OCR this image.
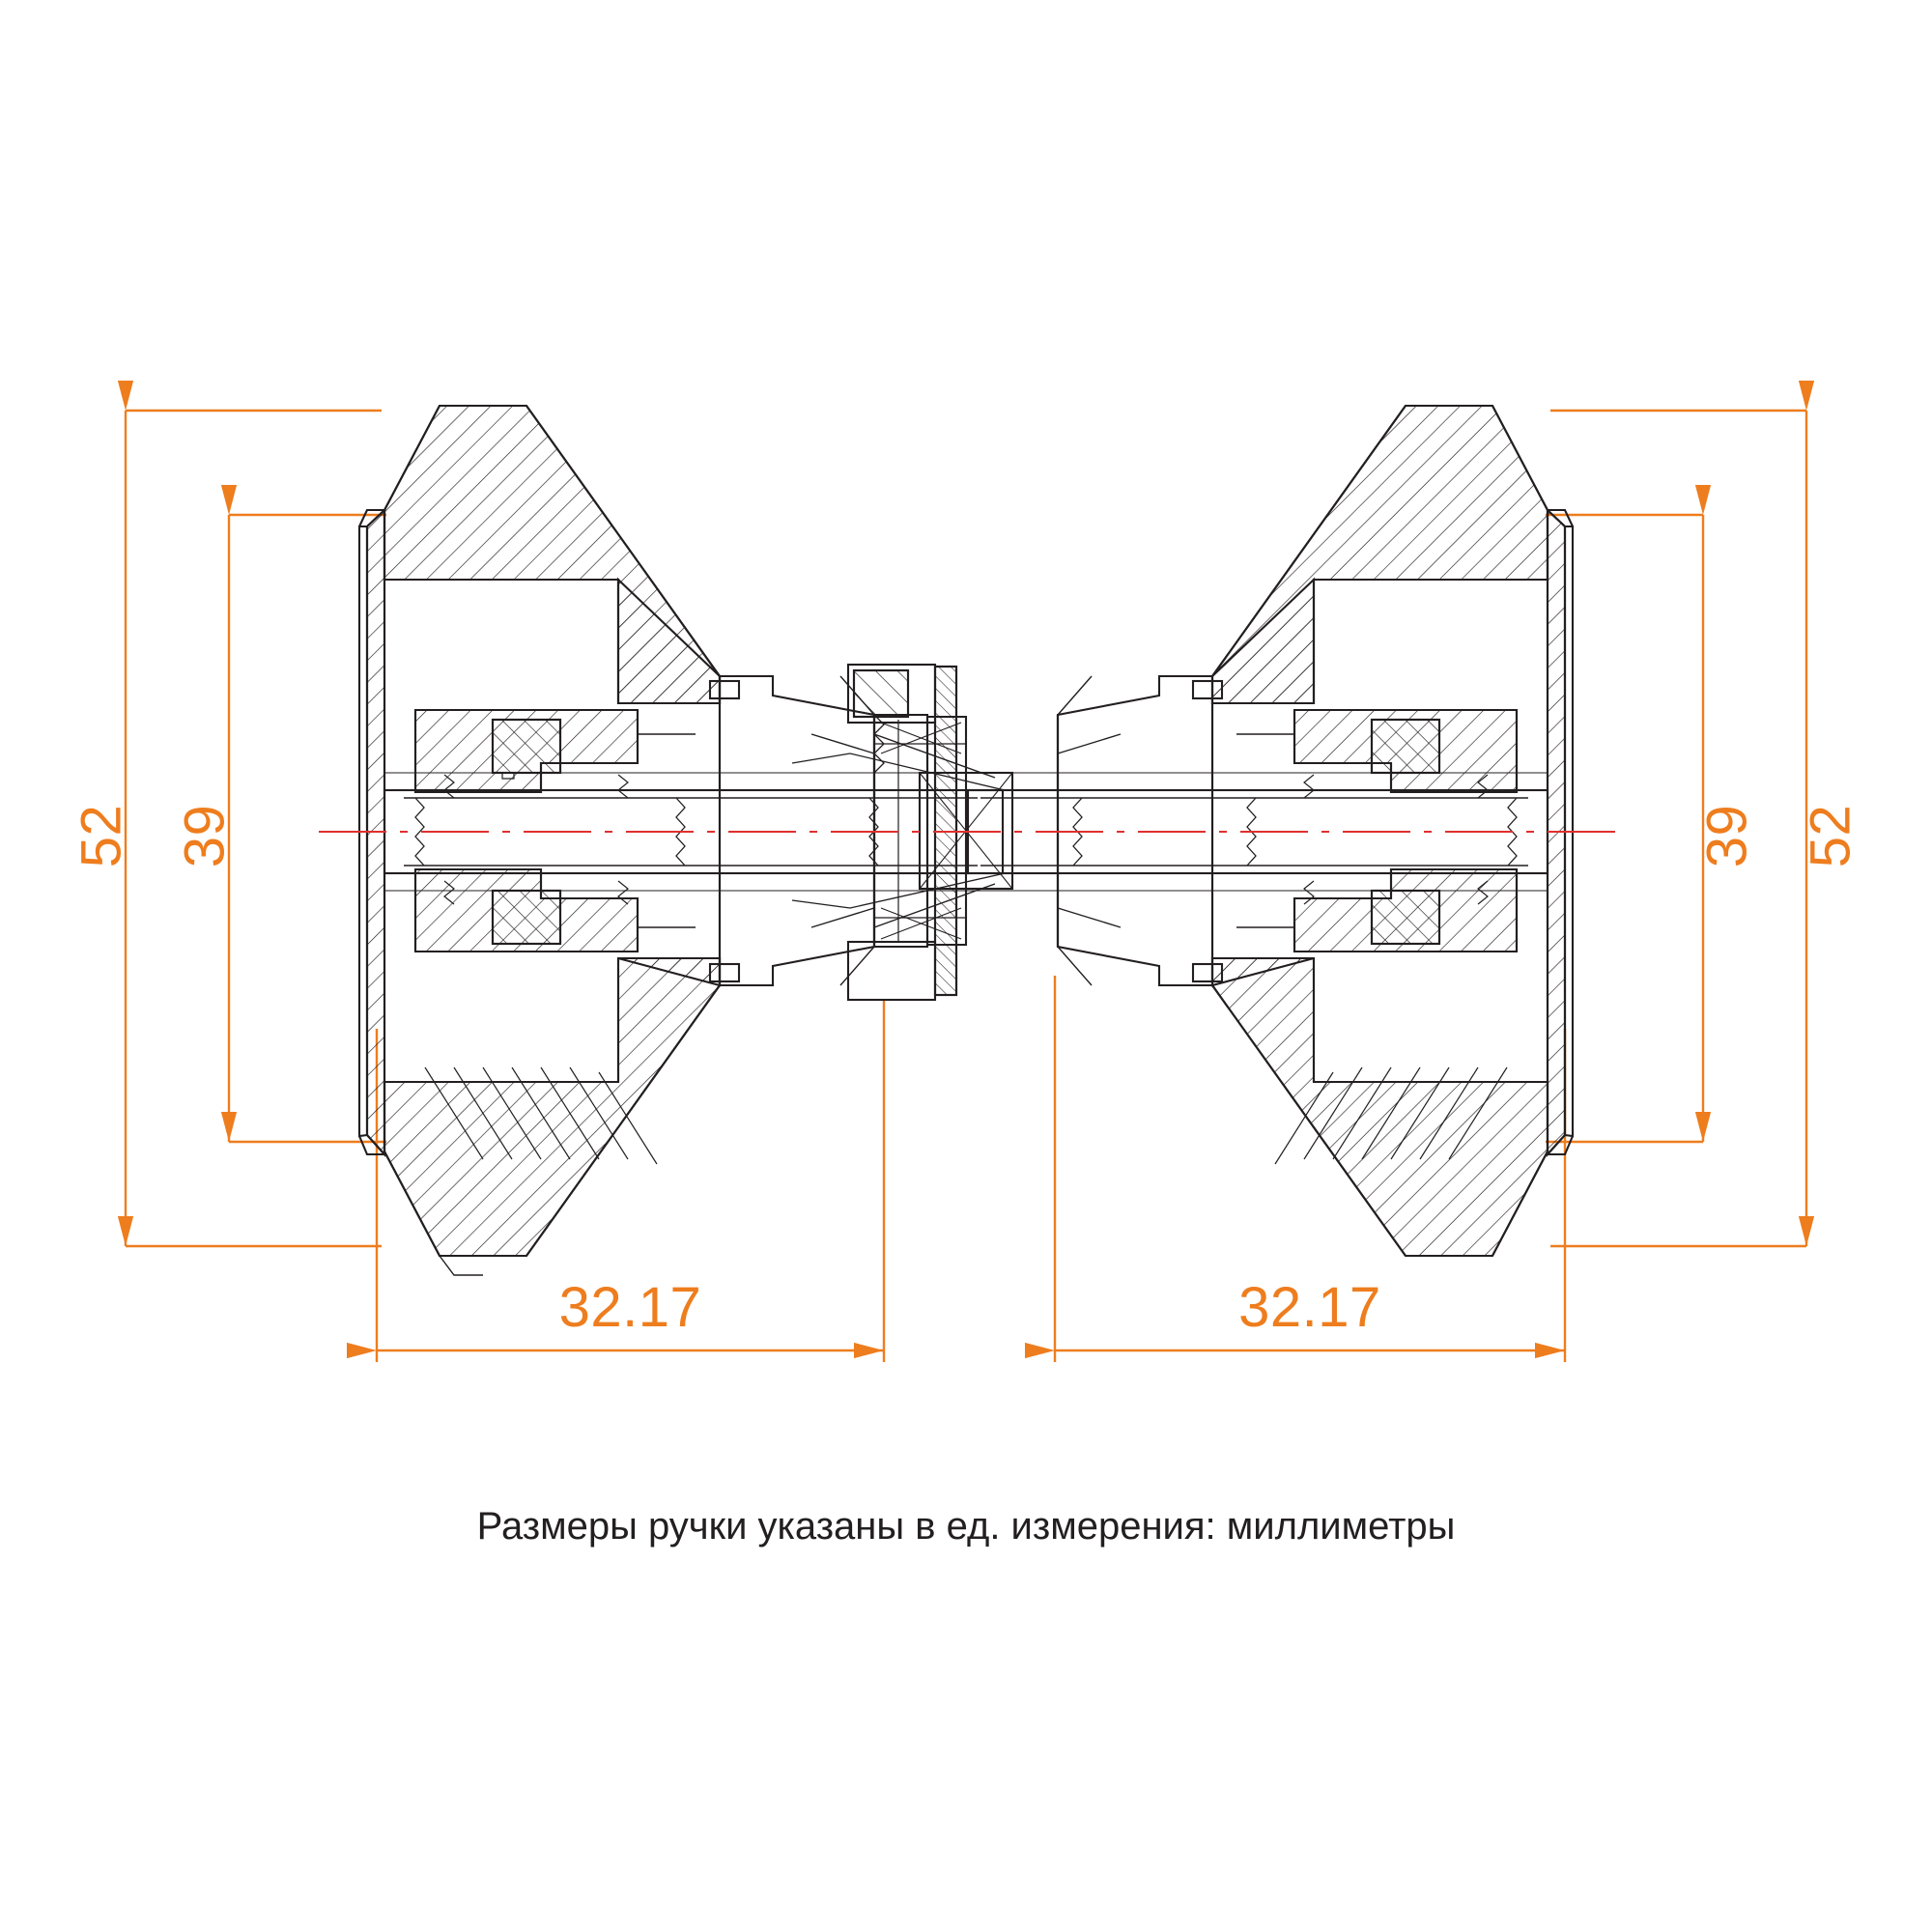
52 39	39 52
32.17	32.17
Размеры ручки указаны в ед. измерения: миллиметры
